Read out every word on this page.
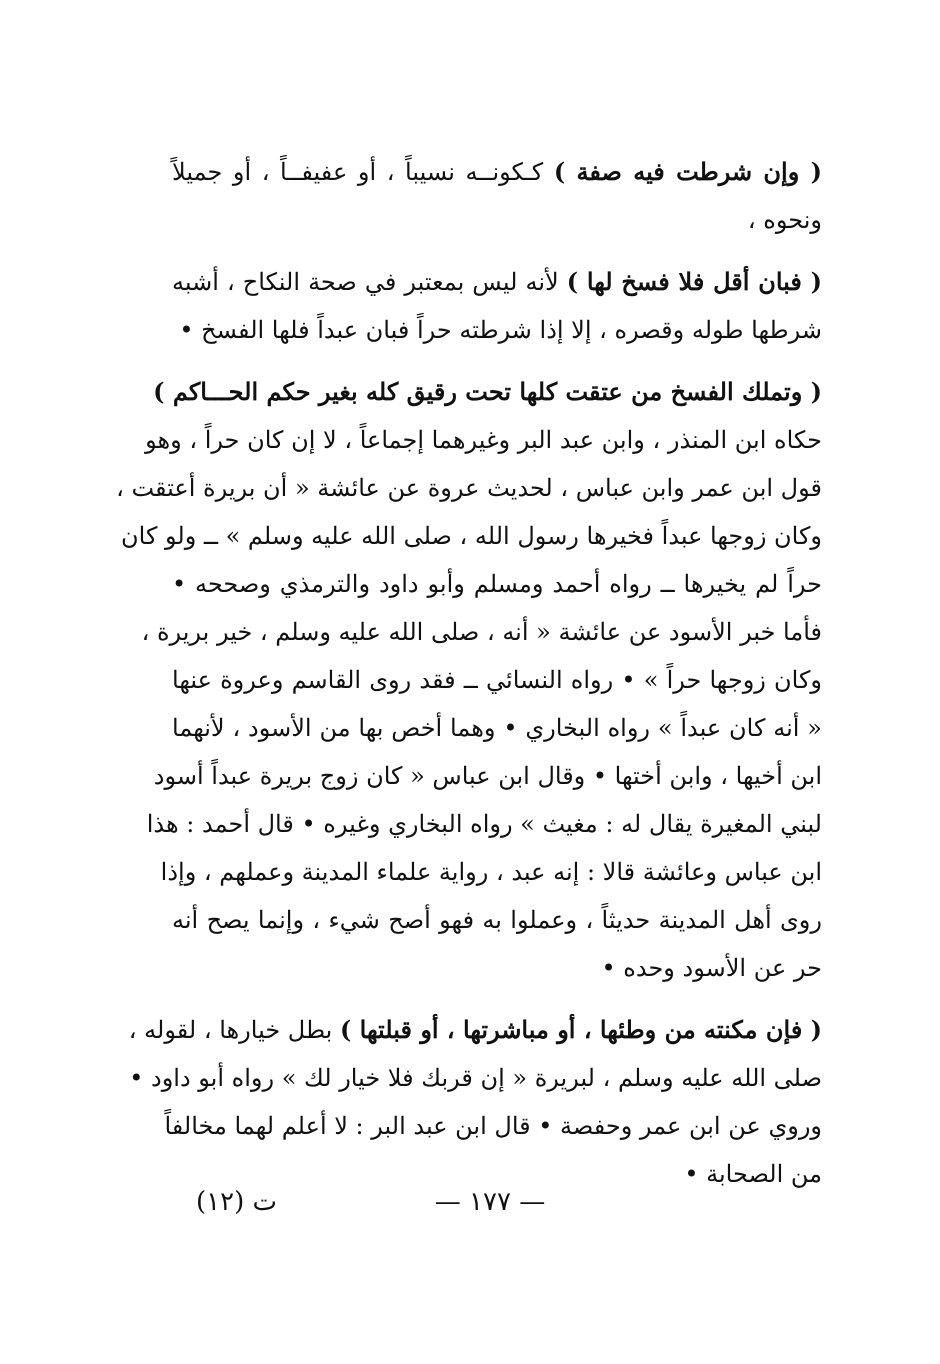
( وإن شرطت فيه صفة ) كـكونــه نسيباً ، أو عفيفــاً ، أو جميلاً
ونحوه ،
( فبان أقل فلا فسخ لها ) لأنه ليس بمعتبر في صحة النكاح ، أشبه
شرطها طوله وقصره ، إلا إذا شرطته حراً فبان عبداً فلها الفسخ •
( وتملك الفسخ من عتقت كلها تحت رقيق كله بغير حكم الحـــاكم )
حكاه ابن المنذر ، وابن عبد البر وغيرهما إجماعاً ، لا إن كان حراً ، وهو
قول ابن عمر وابن عباس ، لحديث عروة عن عائشة « أن بريرة أعتقت ،
وكان زوجها عبداً فخيرها رسول الله ، صلى الله عليه وسلم » ــ ولو كان
حراً لم يخيرها ــ رواه أحمد ومسلم وأبو داود والترمذي وصححه •
فأما خبر الأسود عن عائشة « أنه ، صلى الله عليه وسلم ، خير بريرة ،
وكان زوجها حراً » • رواه النسائي ــ فقد روى القاسم وعروة عنها
« أنه كان عبداً » رواه البخاري • وهما أخص بها من الأسود ، لأنهما
ابن أخيها ، وابن أختها • وقال ابن عباس « كان زوج بريرة عبداً أسود
لبني المغيرة يقال له : مغيث » رواه البخاري وغيره • قال أحمد : هذا
ابن عباس وعائشة قالا : إنه عبد ، رواية علماء المدينة وعملهم ، وإذا
روى أهل المدينة حديثاً ، وعملوا به فهو أصح شيء ، وإنما يصح أنه
حر عن الأسود وحده •
( فإن مكنته من وطئها ، أو مباشرتها ، أو قبلتها ) بطل خيارها ، لقوله ،
صلى الله عليه وسلم ، لبريرة « إن قربك فلا خيار لك » رواه أبو داود •
وروي عن ابن عمر وحفصة • قال ابن عبد البر : لا أعلم لهما مخالفاً
من الصحابة •
— ١٧٧ —
ت (١٢)
